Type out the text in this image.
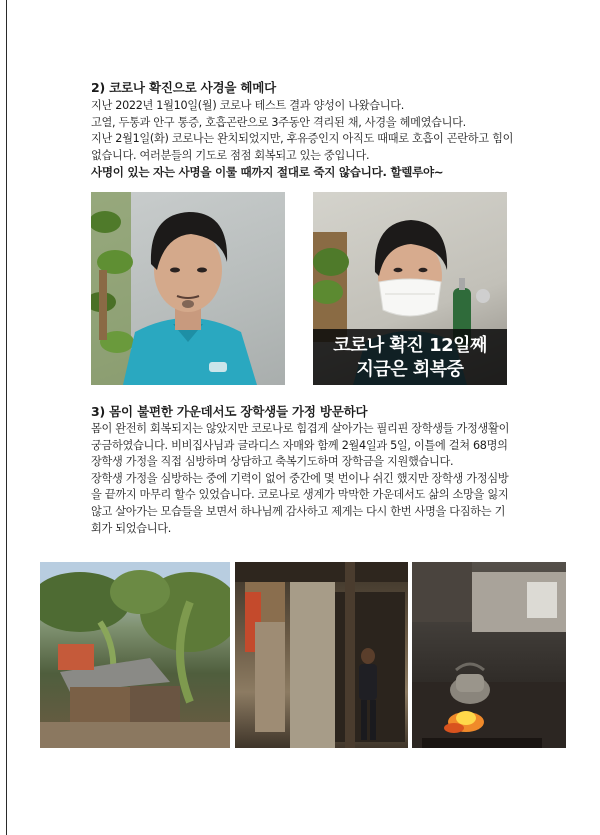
2) 코로나 확진으로 사경을 헤메다

지난 2022년 1월10일(월) 코로나 테스트 결과 양성이 나왔습니다.

고열, 두통과 안구 통증, 호흡곤란으로 3주동안 격리된 채, 사경을 헤메였습니다.

지난 2월1일(화) 코로나는 완치되었지만, 후유증인지 아직도 때때로 호흡이 곤란하고 힘이 없습니다. 여러분들의 기도로 점점 회복되고 있는 중입니다.

사명이 있는 자는 사명을 이룰 때까지 절대로 죽지 않습니다. 할렐루야~

코로나 확진 12일째
지금은 회복중
3) 몸이 불편한 가운데서도 장학생들 가정 방문하다

몸이 완전히 회복되지는 않았지만 코로나로 힘겹게 살아가는 필리핀 장학생들 가정생활이 궁금하였습니다. 비비집사님과 글라디스 자매와 함께 2월4일과 5일, 이틀에 걸쳐 68명의 장학생 가정을 직접 심방하며 상담하고 축복기도하며 장학금을 지원했습니다.

장학생 가정을 심방하는 중에 기력이 없어 중간에 몇 번이나 쉬긴 했지만 장학생 가정심방을 끝까지 마무리 할수 있었습니다. 코로나로 생계가 막막한 가운데서도 삶의 소망을 잃지 않고 살아가는 모습들을 보면서 하나님께 감사하고 제게는 다시 한번 사명을 다짐하는 기회가 되었습니다.
